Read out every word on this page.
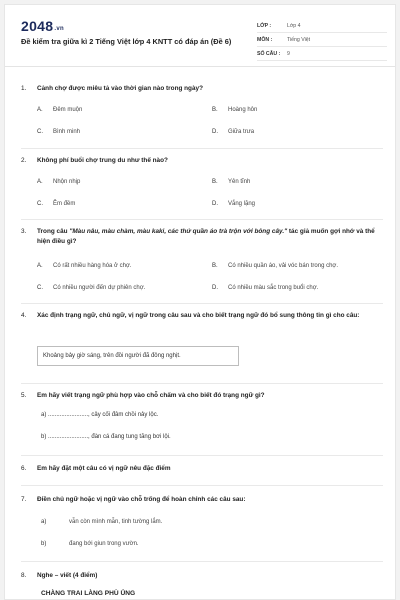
2048.vn
Đề kiểm tra giữa kì 2 Tiếng Việt lớp 4 KNTT có đáp án (Đề 6)
LỚP :	Lớp 4
MÔN :	Tiếng Việt
SỐ CÂU :	9
1.	Cảnh chợ được miêu tả vào thời gian nào trong ngày?
A.	Đêm muộn	B.	Hoàng hôn
C.	Bình minh	D.	Giữa trưa
2.	Không phí buổi chợ trung du như thế nào?
A.	Nhộn nhịp	B.	Yên tĩnh
C.	Êm đềm	D.	Vắng lặng
3.	Trong câu "Màu nâu, màu chàm, màu kaki, các thứ quần áo trà trộn với bông cây." tác giả muốn gợi nhớ và thể hiện điều gì?
A.	Có rất nhiều hàng hóa ở chợ.	B.	Có nhiều quần áo, vải vóc bán trong chợ.
C.	Có nhiều người đến dự phiên chợ.	D.	Có nhiều màu sắc trong buổi chợ.
4.	Xác định trạng ngữ, chủ ngữ, vị ngữ trong câu sau và cho biết trạng ngữ đó bổ sung thông tin gì cho câu:
Khoảng bảy giờ sáng, trên đồi người đã đông nghịt.
5.	Em hãy viết trạng ngữ phù hợp vào chỗ chấm và cho biết đó trạng ngữ gì?
a) ........................, cây cối đâm chồi nảy lộc.
b) ........................, đàn cá đang tung tăng bơi lội.
6.	Em hãy đặt một câu có vị ngữ nêu đặc điểm
7.	Điền chủ ngữ hoặc vị ngữ vào chỗ trống để hoàn chỉnh các câu sau:
a)	vẫn còn mình mẫn, tinh tường lắm.
b)	đang bới giun trong vườn.
8.	Nghe – viết (4 điểm)
CHÀNG TRAI LÀNG PHÙ ỦNG
